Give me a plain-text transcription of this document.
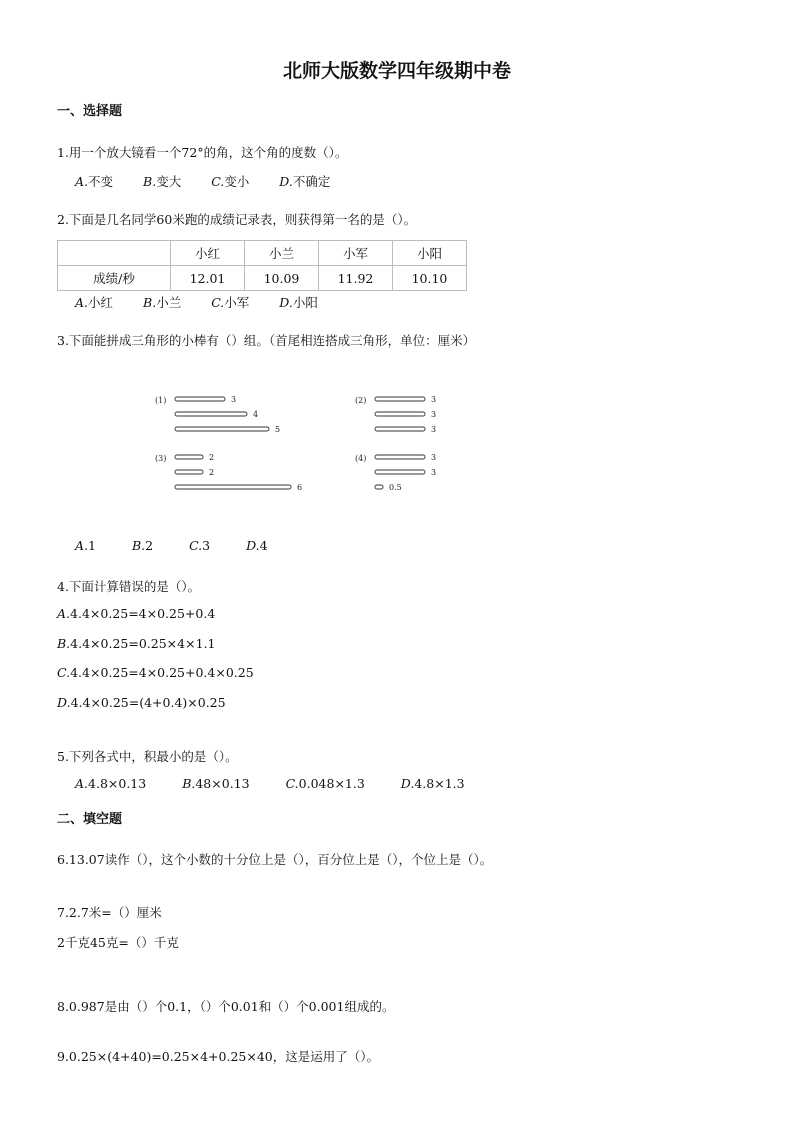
北师大版数学四年级期中卷
一、选择题
1.用一个放大镜看一个72°的角，这个角的度数（）。
A.不变 B.变大 C.变小 D.不确定
2.下面是几名同学60米跑的成绩记录表，则获得第一名的是（）。
	小红	小兰	小军	小阳
成绩/秒	12.01	10.09	11.92	10.10
A.小红 B.小兰 C.小军 D.小阳
3.下面能拼成三角形的小棒有（）组。（首尾相连搭成三角形，单位：厘米）
(1)	3
4
5
(2)	3
3
3
(3)	2
2
6
(4)	3
3
0.5
A.1	B.2	C.3	D.4
4.下面计算错误的是（）。
A.4.4×0.25=4×0.25+0.4
B.4.4×0.25=0.25×4×1.1
C.4.4×0.25=4×0.25+0.4×0.25
D.4.4×0.25=(4+0.4)×0.25
5.下列各式中，积最小的是（）。
A.4.8×0.13	B.48×0.13	C.0.048×1.3	D.4.8×1.3
二、填空题
6.13.07读作（），这个小数的十分位上是（），百分位上是（），个位上是（）。
7.2.7米=（）厘米
2千克45克=（）千克
8.0.987是由（）个0.1，（）个0.01和（）个0.001组成的。
9.0.25×(4+40)=0.25×4+0.25×40，这是运用了（）。
